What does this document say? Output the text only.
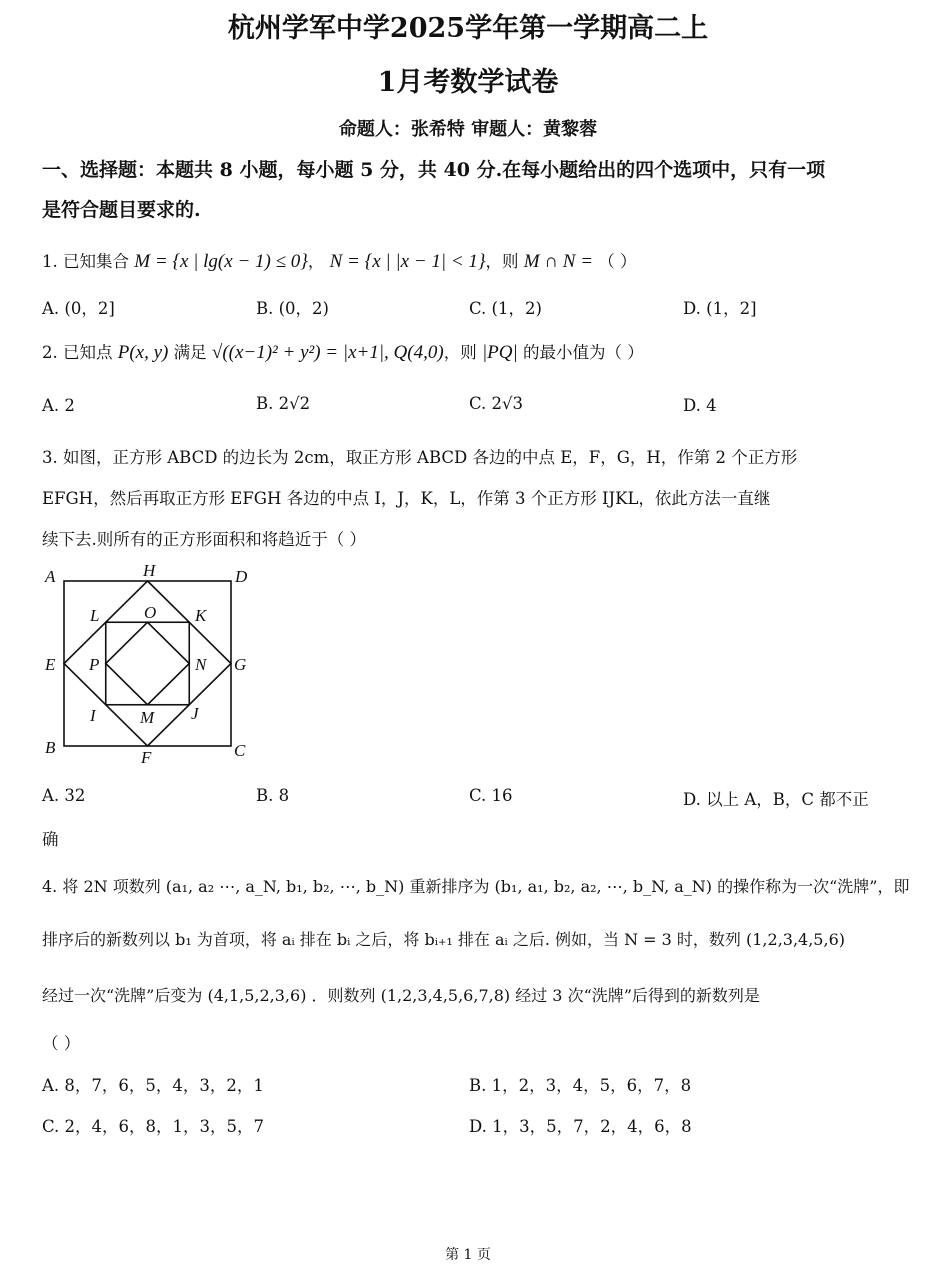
杭州学军中学2025学年第一学期高二上
1月考数学试卷
命题人：张希特 审题人：黄黎蓉
一、选择题：本题共 8 小题，每小题 5 分，共 40 分.在每小题给出的四个选项中，只有一项
是符合题目要求的.
1. 已知集合 M = {x | lg(x − 1) ≤ 0}， N = {x | |x − 1| < 1}，则 M ∩ N = （ ）
A. (0，2]	B. (0，2)	C. (1，2)	D. (1，2]
2. 已知点 P(x, y) 满足 √((x−1)² + y²) = |x+1|, Q(4,0)，则 |PQ| 的最小值为（ ）
A. 2	B. 2√2	C. 2√3	D. 4
3. 如图，正方形 ABCD 的边长为 2cm，取正方形 ABCD 各边的中点 E，F，G，H，作第 2 个正方形
EFGH，然后再取正方形 EFGH 各边的中点 I，J，K，L，作第 3 个正方形 IJKL，依此方法一直继
续下去.则所有的正方形面积和将趋近于（ ）
A	H	D
L	O K
E P	N G
I	M J
B
F	C
A. 32	B. 8	C. 16	D. 以上 A，B，C 都不正
确
4. 将 2N 项数列 (a₁, a₂ ⋯, a_N, b₁, b₂, ⋯, b_N) 重新排序为 (b₁, a₁, b₂, a₂, ⋯, b_N, a_N) 的操作称为一次“洗牌”，即
排序后的新数列以 b₁ 为首项，将 aᵢ 排在 bᵢ 之后，将 bᵢ₊₁ 排在 aᵢ 之后. 例如，当 N = 3 时，数列 (1,2,3,4,5,6)
经过一次“洗牌”后变为 (4,1,5,2,3,6) ．则数列 (1,2,3,4,5,6,7,8) 经过 3 次“洗牌”后得到的新数列是
（ ）
A. 8，7，6，5，4，3，2，1	B. 1，2，3，4，5，6，7，8
C. 2，4，6，8，1，3，5，7	D. 1，3，5，7，2，4，6，8
第 1 页
